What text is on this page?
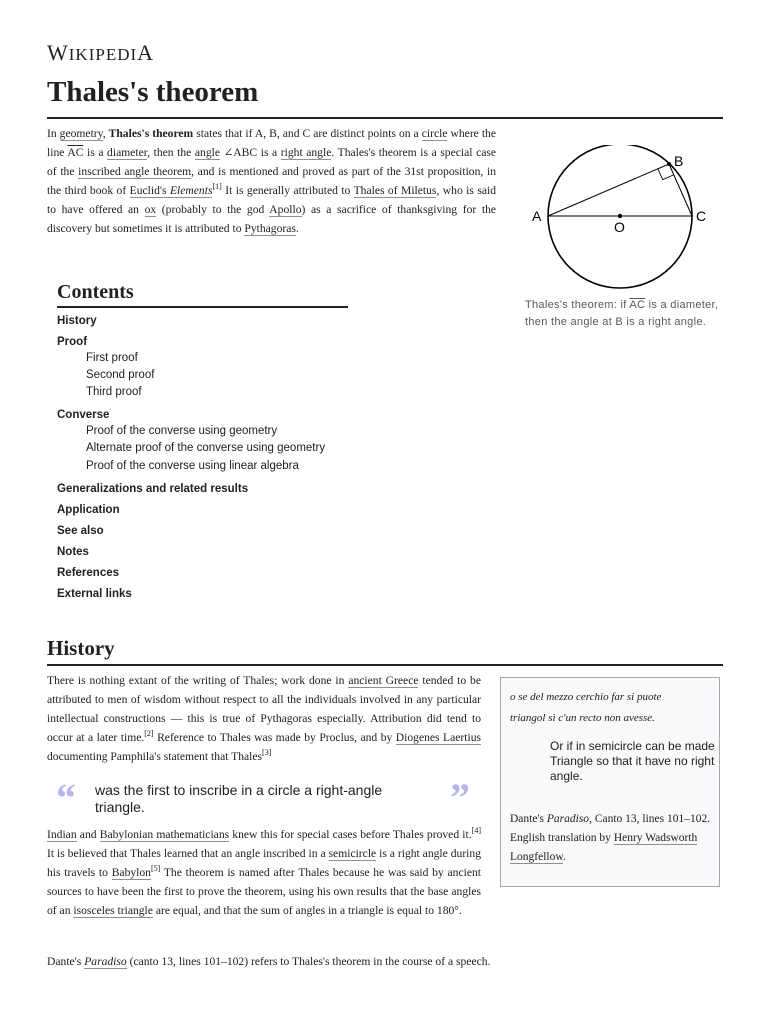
WIKIPEDIA
Thales's theorem

In geometry, Thales's theorem states that if A, B, and C are distinct points on a circle where the line $\overline{AC}$ is a diameter, then the angle ∠ABC is a right angle. Thales's theorem is a special case of the inscribed angle theorem, and is mentioned and proved as part of the 31st proposition, in the third book of Euclid's Elements[1] It is generally attributed to Thales of Miletus, who is said to have offered an ox (probably to the god Apollo) as a sacrifice of thanksgiving for the discovery but sometimes it is attributed to Pythagoras.

A
B
C
O
Thales's theorem: if $\overline{AC}$ is a diameter, then the angle at B is a right angle.
Contents
History
Proof
First proof
Second proof
Third proof
Converse
Proof of the converse using geometry
Alternate proof of the converse using geometry
Proof of the converse using linear algebra
Generalizations and related results
Application
See also
Notes
References
External links
History

There is nothing extant of the writing of Thales; work done in ancient Greece tended to be attributed to men of wisdom without respect to all the individuals involved in any particular intellectual constructions — this is true of Pythagoras especially. Attribution did tend to occur at a later time.[2] Reference to Thales was made by Proclus, and by Diogenes Laertius documenting Pamphila's statement that Thales[3]

“ was the first to inscribe in a circle a right-angle triangle.	”

Indian and Babylonian mathematicians knew this for special cases before Thales proved it.[4] It is believed that Thales learned that an angle inscribed in a semicircle is a right angle during his travels to Babylon[5] The theorem is named after Thales because he was said by ancient sources to have been the first to prove the theorem, using his own results that the base angles of an isosceles triangle are equal, and that the sum of angles in a triangle is equal to 180°.

Dante's Paradiso (canto 13, lines 101–102) refers to Thales's theorem in the course of a speech.

o se del mezzo cerchio far si puote
triangol sì c'un recto non avesse.
Or if in semicircle can be made
Triangle so that it have no right angle.
Dante's Paradiso, Canto 13, lines 101–102. English translation by Henry Wadsworth Longfellow.
